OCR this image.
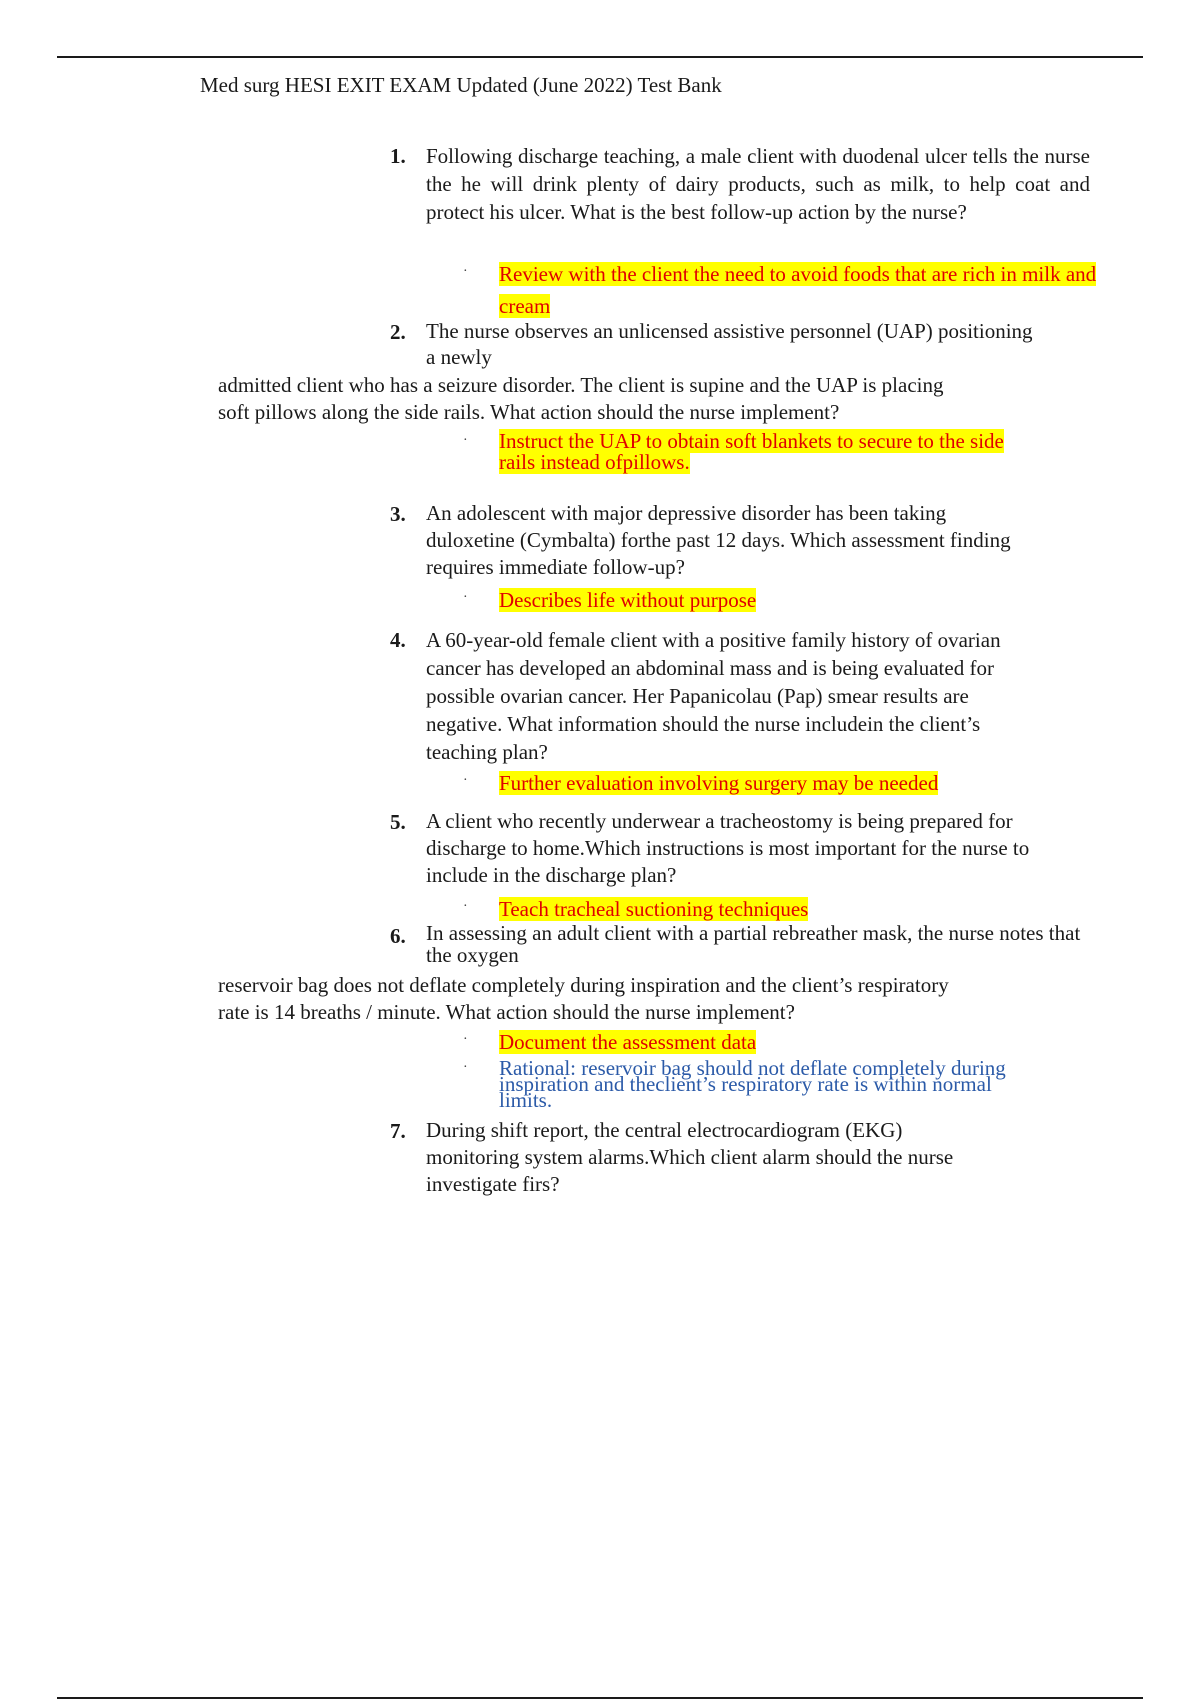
Med surg HESI EXIT EXAM Updated (June 2022) Test Bank
1. Following discharge teaching, a male client with duodenal ulcer tells the nurse the he will drink plenty of dairy products, such as milk, to help coat and protect his ulcer. What is the best follow-up action by the nurse?
· Review with the client the need to avoid foods that are rich in milk and cream
2. The nurse observes an unlicensed assistive personnel (UAP) positioning a newly
admitted client who has a seizure disorder. The client is supine and the UAP is placing
soft pillows along the side rails. What action should the nurse implement?
· Instruct the UAP to obtain soft blankets to secure to the side rails instead ofpillows.
3. An adolescent with major depressive disorder has been taking duloxetine (Cymbalta) forthe past 12 days. Which assessment finding requires immediate follow-up?
· Describes life without purpose
4. A 60-year-old female client with a positive family history of ovarian cancer has developed an abdominal mass and is being evaluated for possible ovarian cancer. Her Papanicolau (Pap) smear results are negative. What information should the nurse includein the client’s teaching plan?
· Further evaluation involving surgery may be needed
5. A client who recently underwear a tracheostomy is being prepared for discharge to home.Which instructions is most important for the nurse to include in the discharge plan?
· Teach tracheal suctioning techniques
6. In assessing an adult client with a partial rebreather mask, the nurse notes that the oxygen
reservoir bag does not deflate completely during inspiration and the client’s respiratory
rate is 14 breaths / minute. What action should the nurse implement?
· Document the assessment data
· Rational: reservoir bag should not deflate completely during inspiration and theclient’s respiratory rate is within normal limits.
7. During shift report, the central electrocardiogram (EKG) monitoring system alarms.Which client alarm should the nurse investigate firs?
